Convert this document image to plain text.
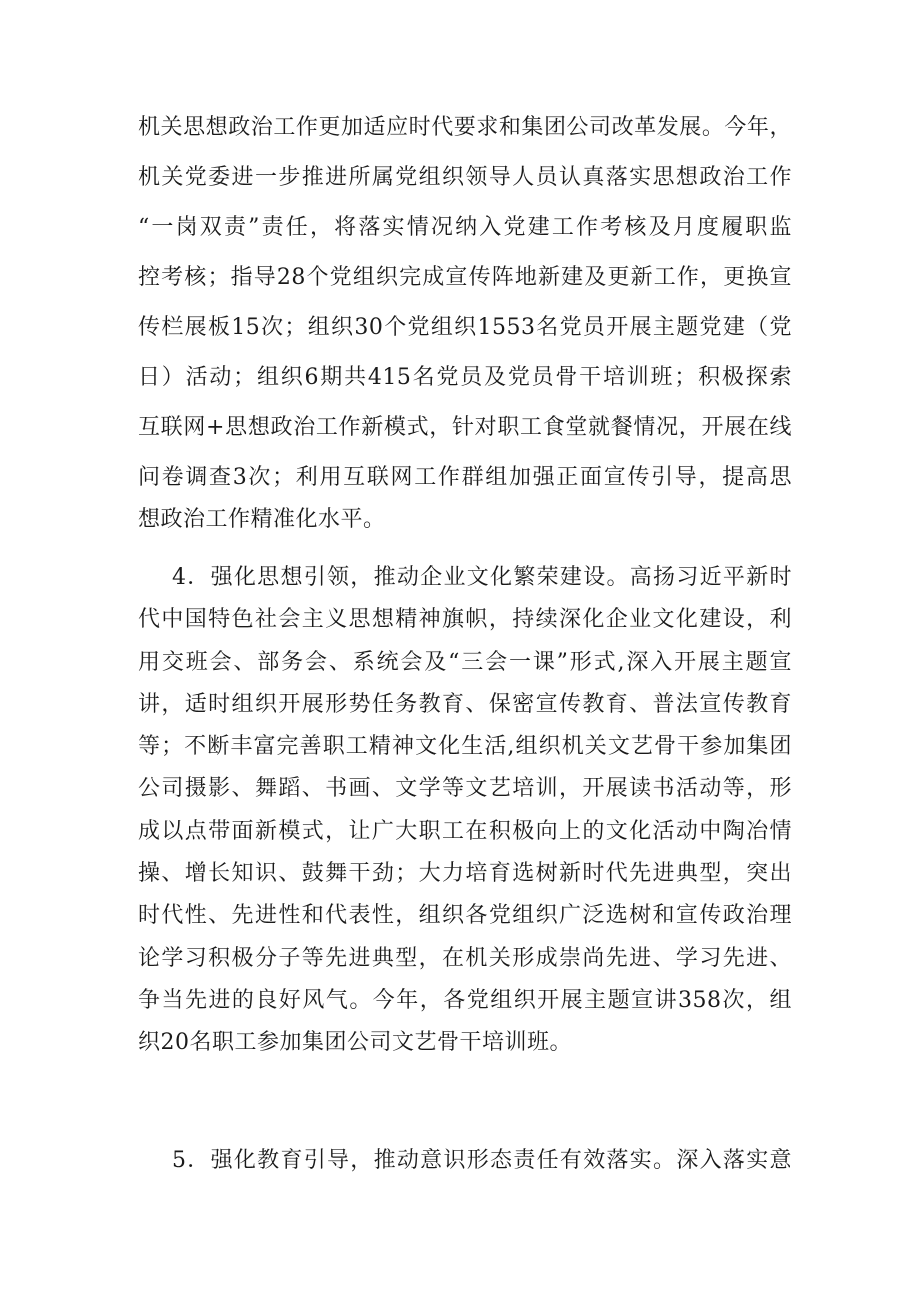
机关思想政治工作更加适应时代要求和集团公司改革发展。今年，
机关党委进一步推进所属党组织领导人员认真落实思想政治工作
“一岗双责”责任，将落实情况纳入党建工作考核及月度履职监
控考核；指导28个党组织完成宣传阵地新建及更新工作，更换宣
传栏展板15次；组织30个党组织1553名党员开展主题党建（党
日）活动；组织6期共415名党员及党员骨干培训班；积极探索
互联网+思想政治工作新模式，针对职工食堂就餐情况，开展在线
问卷调查3次；利用互联网工作群组加强正面宣传引导，提高思
想政治工作精准化水平。
4．强化思想引领，推动企业文化繁荣建设。高扬习近平新时
代中国特色社会主义思想精神旗帜，持续深化企业文化建设，利
用交班会、部务会、系统会及“三会一课”形式,深入开展主题宣
讲，适时组织开展形势任务教育、保密宣传教育、普法宣传教育
等；不断丰富完善职工精神文化生活,组织机关文艺骨干参加集团
公司摄影、舞蹈、书画、文学等文艺培训，开展读书活动等，形
成以点带面新模式，让广大职工在积极向上的文化活动中陶冶情
操、增长知识、鼓舞干劲；大力培育选树新时代先进典型，突出
时代性、先进性和代表性，组织各党组织广泛选树和宣传政治理
论学习积极分子等先进典型，在机关形成崇尚先进、学习先进、
争当先进的良好风气。今年，各党组织开展主题宣讲358次，组
织20名职工参加集团公司文艺骨干培训班。
5．强化教育引导，推动意识形态责任有效落实。深入落实意
